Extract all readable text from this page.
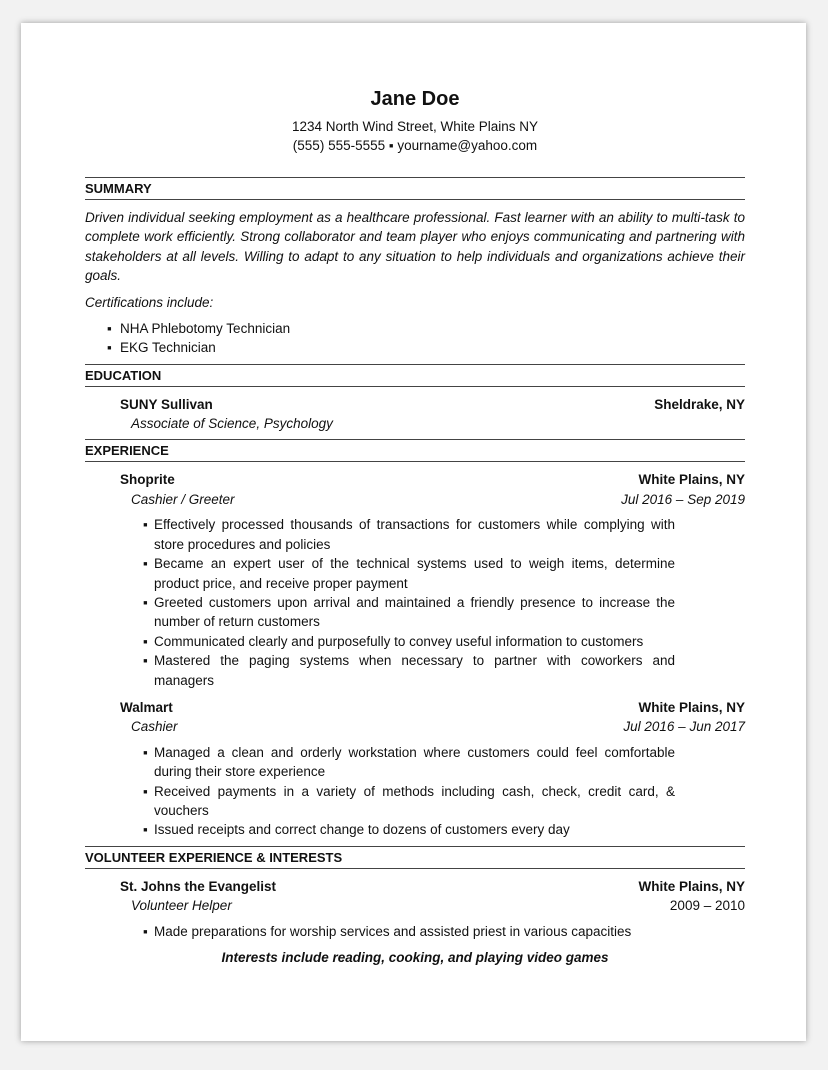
Jane Doe
1234 North Wind Street, White Plains NY
(555) 555-5555 ▪ yourname@yahoo.com
SUMMARY
Driven individual seeking employment as a healthcare professional. Fast learner with an ability to multi-task to complete work efficiently. Strong collaborator and team player who enjoys communicating and partnering with stakeholders at all levels. Willing to adapt to any situation to help individuals and organizations achieve their goals.
Certifications include:
▪ NHA Phlebotomy Technician
▪ EKG Technician
EDUCATION
SUNY Sullivan	Sheldrake, NY
Associate of Science, Psychology
EXPERIENCE
Shoprite	White Plains, NY
Cashier / Greeter	Jul 2016 – Sep 2019
▪ Effectively processed thousands of transactions for customers while complying with store procedures and policies
▪ Became an expert user of the technical systems used to weigh items, determine product price, and receive proper payment
▪ Greeted customers upon arrival and maintained a friendly presence to increase the number of return customers
▪ Communicated clearly and purposefully to convey useful information to customers
▪ Mastered the paging systems when necessary to partner with coworkers and managers
Walmart	White Plains, NY
Cashier	Jul 2016 – Jun 2017
▪ Managed a clean and orderly workstation where customers could feel comfortable during their store experience
▪ Received payments in a variety of methods including cash, check, credit card, & vouchers
▪ Issued receipts and correct change to dozens of customers every day
VOLUNTEER EXPERIENCE & INTERESTS
St. Johns the Evangelist	White Plains, NY
Volunteer Helper	2009 – 2010
▪ Made preparations for worship services and assisted priest in various capacities
Interests include reading, cooking, and playing video games
